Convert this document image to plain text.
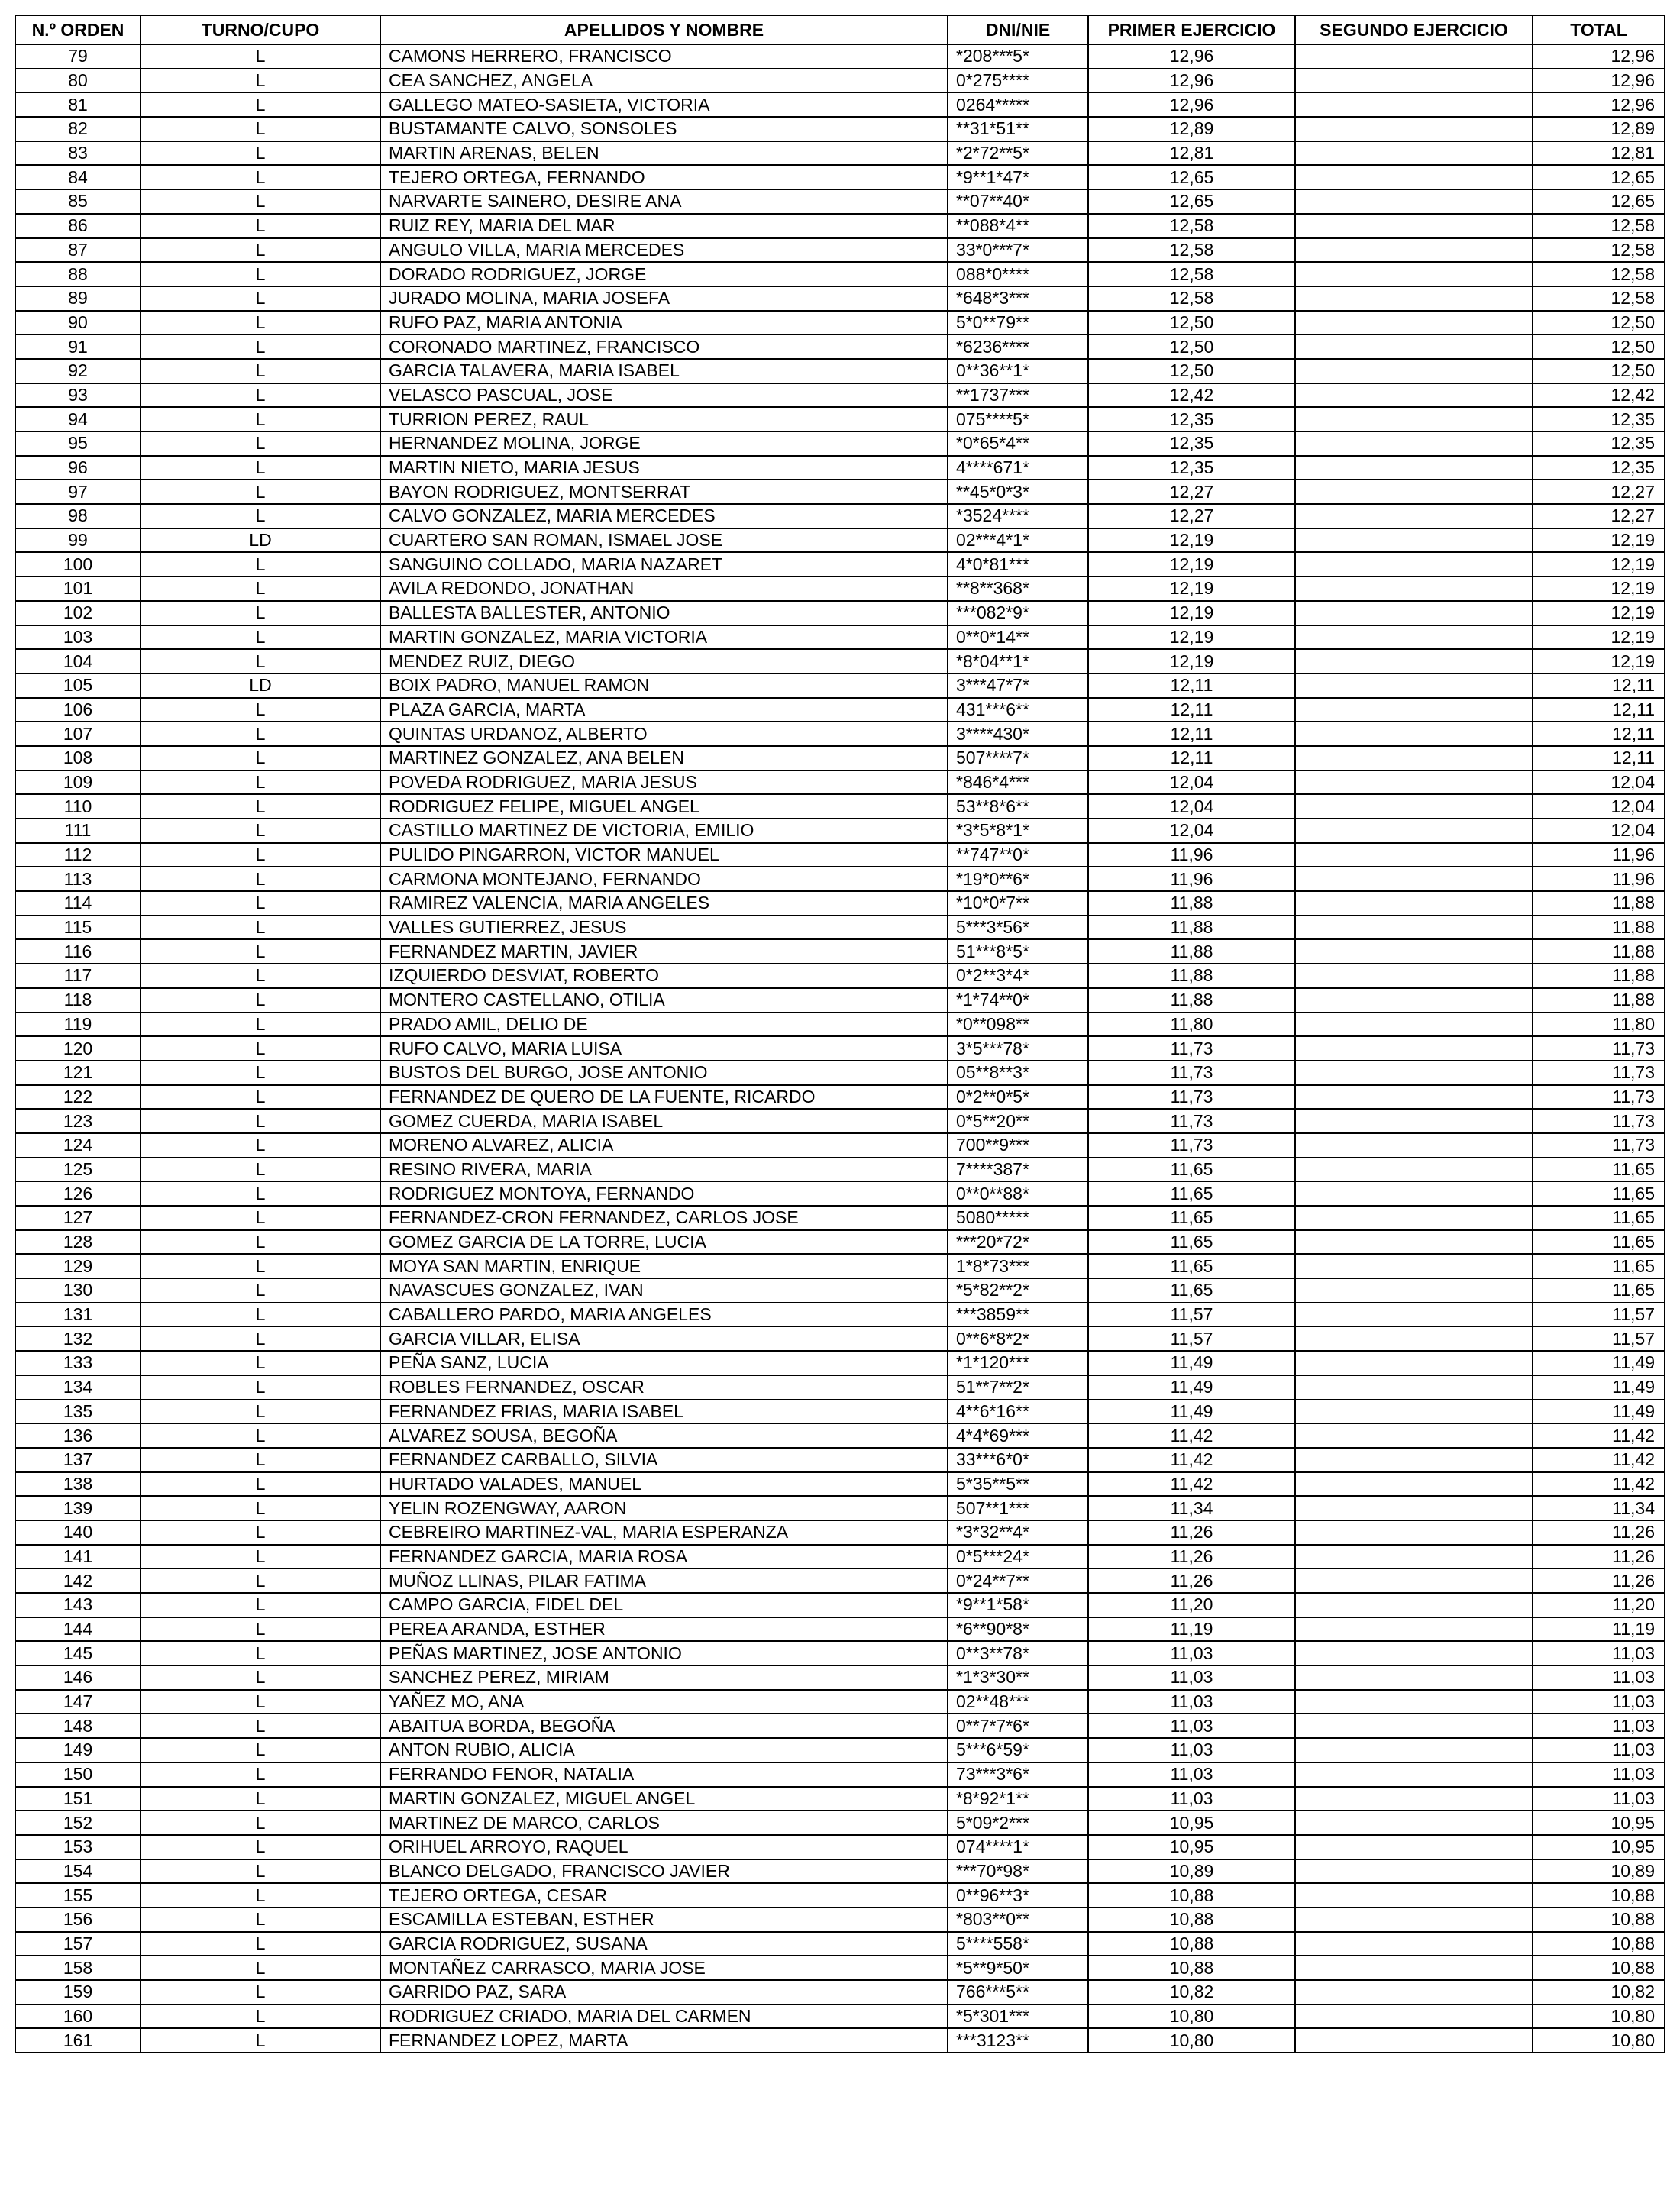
N.º ORDEN	TURNO/CUPO	APELLIDOS Y NOMBRE	DNI/NIE	PRIMER EJERCICIO	SEGUNDO EJERCICIO	TOTAL
79	L	CAMONS HERRERO, FRANCISCO	*208***5*	12,96		12,96
80	L	CEA SANCHEZ, ANGELA	0*275****	12,96		12,96
81	L	GALLEGO MATEO-SASIETA, VICTORIA	0264*****	12,96		12,96
82	L	BUSTAMANTE CALVO, SONSOLES	**31*51**	12,89		12,89
83	L	MARTIN ARENAS, BELEN	*2*72**5*	12,81		12,81
84	L	TEJERO ORTEGA, FERNANDO	*9**1*47*	12,65		12,65
85	L	NARVARTE SAINERO, DESIRE ANA	**07**40*	12,65		12,65
86	L	RUIZ REY, MARIA DEL MAR	**088*4**	12,58		12,58
87	L	ANGULO VILLA, MARIA MERCEDES	33*0***7*	12,58		12,58
88	L	DORADO RODRIGUEZ, JORGE	088*0****	12,58		12,58
89	L	JURADO MOLINA, MARIA JOSEFA	*648*3***	12,58		12,58
90	L	RUFO PAZ, MARIA ANTONIA	5*0**79**	12,50		12,50
91	L	CORONADO MARTINEZ, FRANCISCO	*6236****	12,50		12,50
92	L	GARCIA TALAVERA, MARIA ISABEL	0**36**1*	12,50		12,50
93	L	VELASCO PASCUAL, JOSE	**1737***	12,42		12,42
94	L	TURRION PEREZ, RAUL	075****5*	12,35		12,35
95	L	HERNANDEZ MOLINA, JORGE	*0*65*4**	12,35		12,35
96	L	MARTIN NIETO, MARIA JESUS	4****671*	12,35		12,35
97	L	BAYON RODRIGUEZ, MONTSERRAT	**45*0*3*	12,27		12,27
98	L	CALVO GONZALEZ, MARIA MERCEDES	*3524****	12,27		12,27
99	LD	CUARTERO SAN ROMAN, ISMAEL JOSE	02***4*1*	12,19		12,19
100	L	SANGUINO COLLADO, MARIA NAZARET	4*0*81***	12,19		12,19
101	L	AVILA REDONDO, JONATHAN	**8**368*	12,19		12,19
102	L	BALLESTA BALLESTER, ANTONIO	***082*9*	12,19		12,19
103	L	MARTIN GONZALEZ, MARIA VICTORIA	0**0*14**	12,19		12,19
104	L	MENDEZ RUIZ, DIEGO	*8*04**1*	12,19		12,19
105	LD	BOIX PADRO, MANUEL RAMON	3***47*7*	12,11		12,11
106	L	PLAZA GARCIA, MARTA	431***6**	12,11		12,11
107	L	QUINTAS URDANOZ, ALBERTO	3****430*	12,11		12,11
108	L	MARTINEZ GONZALEZ, ANA BELEN	507****7*	12,11		12,11
109	L	POVEDA RODRIGUEZ, MARIA JESUS	*846*4***	12,04		12,04
110	L	RODRIGUEZ FELIPE, MIGUEL ANGEL	53**8*6**	12,04		12,04
111	L	CASTILLO MARTINEZ DE VICTORIA, EMILIO	*3*5*8*1*	12,04		12,04
112	L	PULIDO PINGARRON, VICTOR MANUEL	**747**0*	11,96		11,96
113	L	CARMONA MONTEJANO, FERNANDO	*19*0**6*	11,96		11,96
114	L	RAMIREZ VALENCIA, MARIA ANGELES	*10*0*7**	11,88		11,88
115	L	VALLES GUTIERREZ, JESUS	5***3*56*	11,88		11,88
116	L	FERNANDEZ MARTIN, JAVIER	51***8*5*	11,88		11,88
117	L	IZQUIERDO DESVIAT, ROBERTO	0*2**3*4*	11,88		11,88
118	L	MONTERO CASTELLANO, OTILIA	*1*74**0*	11,88		11,88
119	L	PRADO AMIL, DELIO DE	*0**098**	11,80		11,80
120	L	RUFO CALVO, MARIA LUISA	3*5***78*	11,73		11,73
121	L	BUSTOS DEL BURGO, JOSE ANTONIO	05**8**3*	11,73		11,73
122	L	FERNANDEZ DE QUERO DE LA FUENTE, RICARDO	0*2**0*5*	11,73		11,73
123	L	GOMEZ CUERDA, MARIA ISABEL	0*5**20**	11,73		11,73
124	L	MORENO ALVAREZ, ALICIA	700**9***	11,73		11,73
125	L	RESINO RIVERA, MARIA	7****387*	11,65		11,65
126	L	RODRIGUEZ MONTOYA, FERNANDO	0**0**88*	11,65		11,65
127	L	FERNANDEZ-CRON FERNANDEZ, CARLOS JOSE	5080*****	11,65		11,65
128	L	GOMEZ GARCIA DE LA TORRE, LUCIA	***20*72*	11,65		11,65
129	L	MOYA SAN MARTIN, ENRIQUE	1*8*73***	11,65		11,65
130	L	NAVASCUES GONZALEZ, IVAN	*5*82**2*	11,65		11,65
131	L	CABALLERO PARDO, MARIA ANGELES	***3859**	11,57		11,57
132	L	GARCIA VILLAR, ELISA	0**6*8*2*	11,57		11,57
133	L	PEÑA SANZ, LUCIA	*1*120***	11,49		11,49
134	L	ROBLES FERNANDEZ, OSCAR	51**7**2*	11,49		11,49
135	L	FERNANDEZ FRIAS, MARIA ISABEL	4**6*16**	11,49		11,49
136	L	ALVAREZ SOUSA, BEGOÑA	4*4*69***	11,42		11,42
137	L	FERNANDEZ CARBALLO, SILVIA	33***6*0*	11,42		11,42
138	L	HURTADO VALADES, MANUEL	5*35**5**	11,42		11,42
139	L	YELIN ROZENGWAY, AARON	507**1***	11,34		11,34
140	L	CEBREIRO MARTINEZ-VAL, MARIA ESPERANZA	*3*32**4*	11,26		11,26
141	L	FERNANDEZ GARCIA, MARIA ROSA	0*5***24*	11,26		11,26
142	L	MUÑOZ LLINAS, PILAR FATIMA	0*24**7**	11,26		11,26
143	L	CAMPO GARCIA, FIDEL DEL	*9**1*58*	11,20		11,20
144	L	PEREA ARANDA, ESTHER	*6**90*8*	11,19		11,19
145	L	PEÑAS MARTINEZ, JOSE ANTONIO	0**3**78*	11,03		11,03
146	L	SANCHEZ PEREZ, MIRIAM	*1*3*30**	11,03		11,03
147	L	YAÑEZ MO, ANA	02**48***	11,03		11,03
148	L	ABAITUA BORDA, BEGOÑA	0**7*7*6*	11,03		11,03
149	L	ANTON RUBIO, ALICIA	5***6*59*	11,03		11,03
150	L	FERRANDO FENOR, NATALIA	73***3*6*	11,03		11,03
151	L	MARTIN GONZALEZ, MIGUEL ANGEL	*8*92*1**	11,03		11,03
152	L	MARTINEZ DE MARCO, CARLOS	5*09*2***	10,95		10,95
153	L	ORIHUEL ARROYO, RAQUEL	074****1*	10,95		10,95
154	L	BLANCO DELGADO, FRANCISCO JAVIER	***70*98*	10,89		10,89
155	L	TEJERO ORTEGA, CESAR	0**96**3*	10,88		10,88
156	L	ESCAMILLA ESTEBAN, ESTHER	*803**0**	10,88		10,88
157	L	GARCIA RODRIGUEZ, SUSANA	5****558*	10,88		10,88
158	L	MONTAÑEZ CARRASCO, MARIA JOSE	*5**9*50*	10,88		10,88
159	L	GARRIDO PAZ, SARA	766***5**	10,82		10,82
160	L	RODRIGUEZ CRIADO, MARIA DEL CARMEN	*5*301***	10,80		10,80
161	L	FERNANDEZ LOPEZ, MARTA	***3123**	10,80		10,80
